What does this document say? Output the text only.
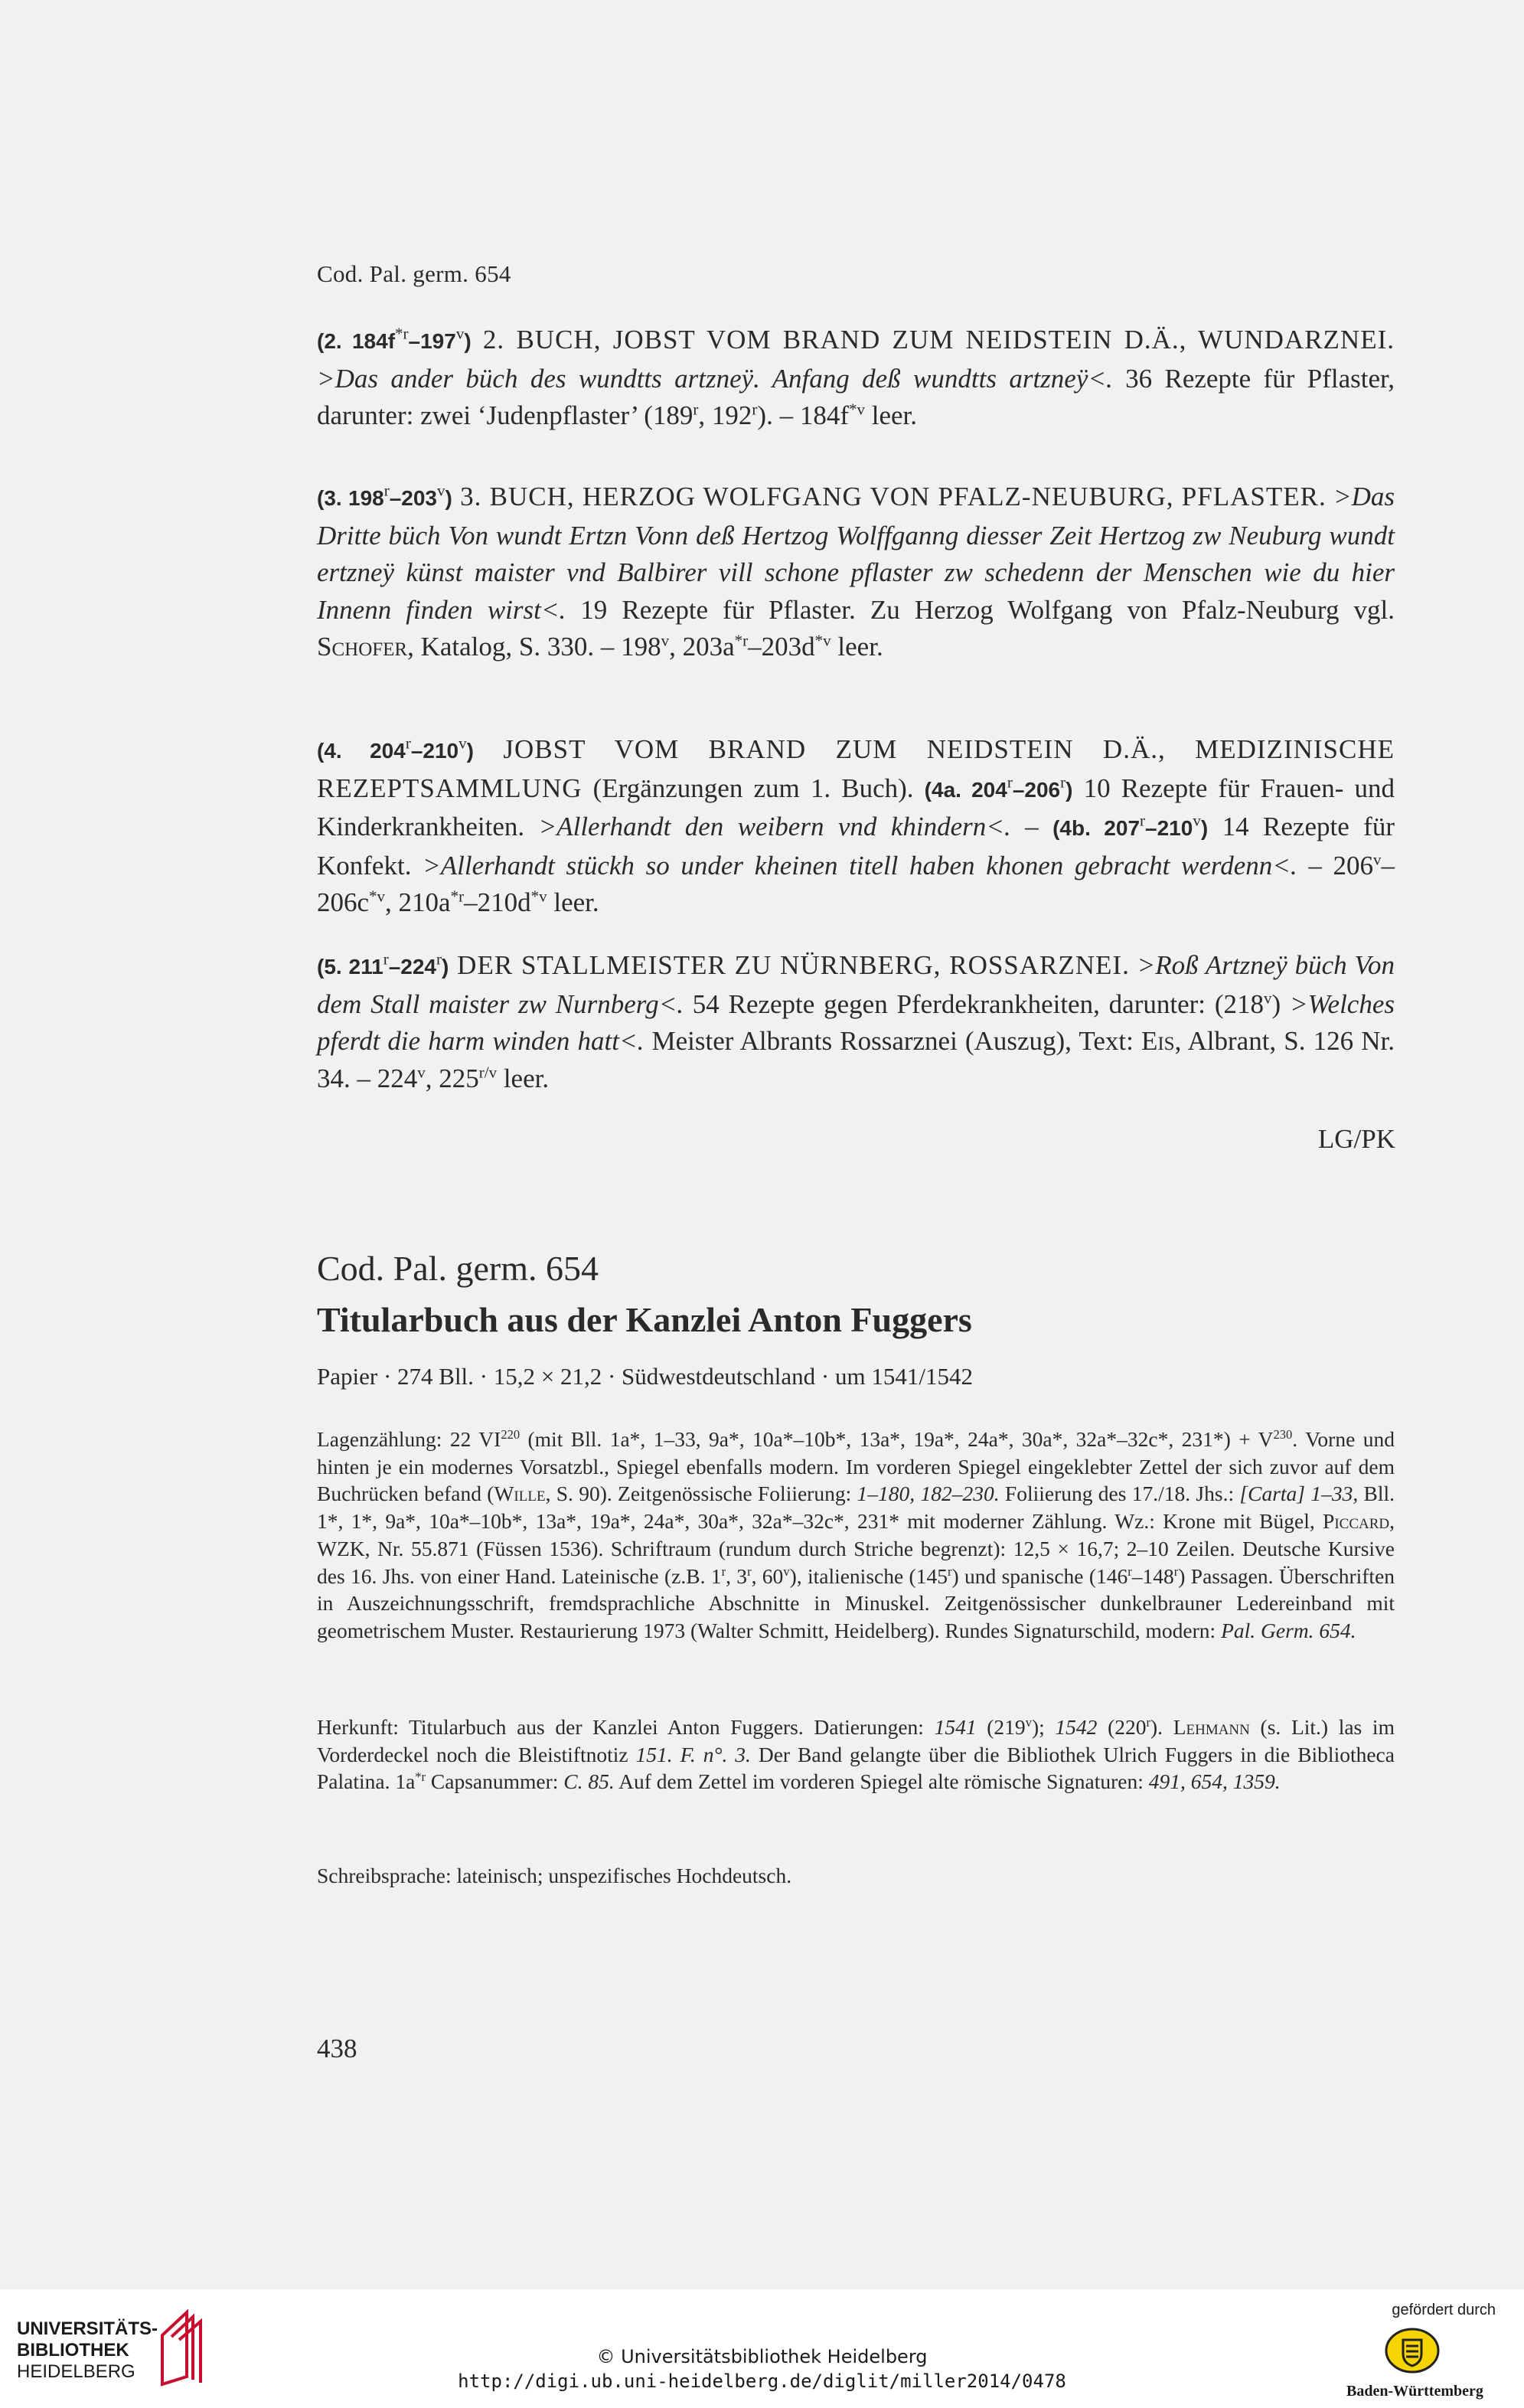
Cod. Pal. germ. 654
(2. $184f^{*r}-197^v$) 2. BUCH, JOBST VOM BRAND ZUM NEIDSTEIN D.Ä., WUNDARZNEI. >Das ander büch des wundtts artzneÿ. Anfang deß wundtts artzneÿ<. 36 Rezepte für Pflaster, darunter: zwei ‘Judenpflaster’ (189$^r$, 192$^r$). – $184f^{*v}$ leer.
(3. 198$^r$–203$^v$) 3. BUCH, HERZOG WOLFGANG VON PFALZ-NEUBURG, PFLASTER. >Das Dritte büch Von wundt Ertzn Vonn deß Hertzog Wolffganng diesser Zeit Hertzog zw Neuburg wundt ertzneÿ künst maister vnd Balbirer vill schone pflaster zw schedenn der Menschen wie du hier Innenn finden wirst<. 19 Rezepte für Pflaster. Zu Herzog Wolfgang von Pfalz-Neuburg vgl. Schofer, Katalog, S. 330. – 198$^v$, $203a^{*r}-203d^{*v}$ leer.
(4. 204$^r$–210$^v$) JOBST VOM BRAND ZUM NEIDSTEIN D.Ä., MEDIZINISCHE REZEPTSAMMLUNG (Ergänzungen zum 1. Buch). (4a. 204$^r$–206$^r$) 10 Rezepte für Frauen- und Kinderkrankheiten. >Allerhandt den weibern vnd khindern<. – (4b. 207$^r$–210$^v$) 14 Rezepte für Konfekt. >Allerhandt stückh so under kheinen titell haben khonen gebracht werdenn<. – $206^v-206c^{*v}$, $210a^{*r}-210d^{*v}$ leer.
(5. 211$^r$–224$^r$) DER STALLMEISTER ZU NÜRNBERG, ROSSARZNEI. >Roß Artzneÿ büch Von dem Stall maister zw Nurnberg<. 54 Rezepte gegen Pferdekrankheiten, darunter: $(218^v)$ >Welches pferdt die harm winden hatt<. Meister Albrants Rossarznei (Auszug), Text: Eis, Albrant, S. 126 Nr. 34. – 224$^v$, $225^{r/v}$ leer.
LG/PK
Cod. Pal. germ. 654
Titularbuch aus der Kanzlei Anton Fuggers
Papier · 274 Bll. · 15,2 × 21,2 · Südwestdeutschland · um 1541/1542
Lagenzählung: 22 VI$^{220}$ (mit Bll. 1a*, 1–33, 9a*, 10a*–10b*, 13a*, 19a*, 24a*, 30a*, 32a*–32c*, $231*) + V^{230}$. Vorne und hinten je ein modernes Vorsatzbl., Spiegel ebenfalls modern. Im vorderen Spiegel eingeklebter Zettel der sich zuvor auf dem Buchrücken befand (Wille, S. 90). Zeitgenössische Foliierung: 1–180, 182–230. Foliierung des 17./18. Jhs.: [Carta] 1–33, Bll. 1*, 1*, 9a*, 10a*–10b*, 13a*, 19a*, 24a*, 30a*, 32a*–32c*, 231* mit moderner Zählung. Wz.: Krone mit Bügel, Piccard, WZK, Nr. 55.871 (Füssen 1536). Schriftraum (rundum durch Striche begrenzt): 12,5 × 16,7; 2–10 Zeilen. Deutsche Kursive des 16. Jhs. von einer Hand. Lateinische (z.B. 1$^r$, 3$^r$, 60$^v$), italienische (145$^r$) und spanische (146$^r$–148$^r$) Passagen. Überschriften in Auszeichnungsschrift, fremdsprachliche Abschnitte in Minuskel. Zeitgenössischer dunkelbrauner Ledereinband mit geometrischem Muster. Restaurierung 1973 (Walter Schmitt, Heidelberg). Rundes Signaturschild, modern: Pal. Germ. 654.
Herkunft: Titularbuch aus der Kanzlei Anton Fuggers. Datierungen: 1541 (219$^v$); 1542 (220$^r$). Lehmann (s. Lit.) las im Vorderdeckel noch die Bleistiftnotiz 151. F. n°. 3. Der Band gelangte über die Bibliothek Ulrich Fuggers in die Bibliotheca Palatina. $1a^{*r}$ Capsanummer: C. 85. Auf dem Zettel im vorderen Spiegel alte römische Signaturen: 491, 654, 1359.
Schreibsprache: lateinisch; unspezifisches Hochdeutsch.
438
UNIVERSITÄTS-
BIBLIOTHEK
HEIDELBERG
© Universitätsbibliothek Heidelberg
http://digi.ub.uni-heidelberg.de/diglit/miller2014/0478
gefördert durch
Baden-Württemberg
